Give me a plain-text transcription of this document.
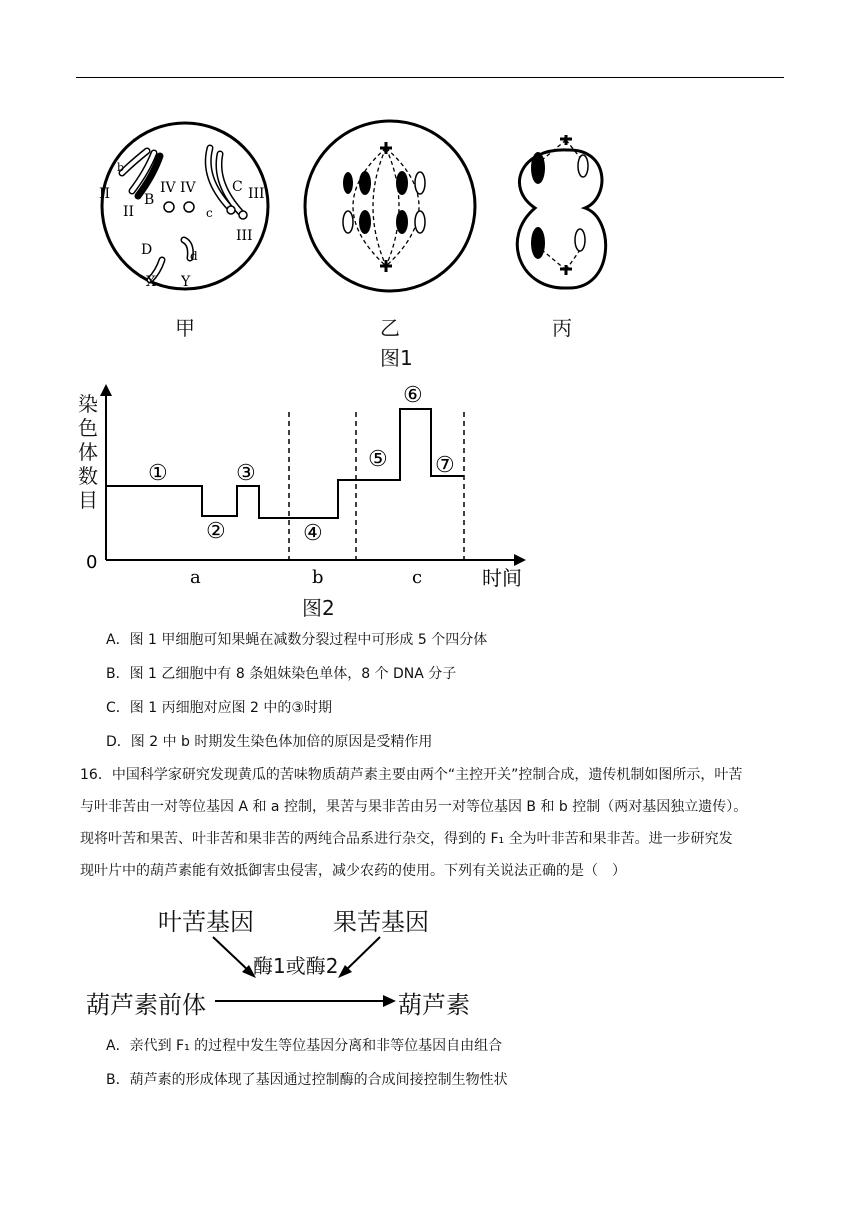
b
II B
II
IV IV	C III
c
III
D	d
X Y
甲	乙	丙
图1
①
②
③
④
⑤
⑥
⑦
0
a	b	c	时间
染色体数目
图2
A．图 1 甲细胞可知果蝇在减数分裂过程中可形成 5 个四分体
B．图 1 乙细胞中有 8 条姐妹染色单体，8 个 DNA 分子
C．图 1 丙细胞对应图 2 中的③时期
D．图 2 中 b 时期发生染色体加倍的原因是受精作用
16．中国科学家研究发现黄瓜的苦味物质葫芦素主要由两个“主控开关”控制合成，遗传机制如图所示，叶苦
与叶非苦由一对等位基因 A 和 a 控制，果苦与果非苦由另一对等位基因 B 和 b 控制（两对基因独立遗传）。
现将叶苦和果苦、叶非苦和果非苦的两纯合品系进行杂交，得到的 F₁ 全为叶非苦和果非苦。进一步研究发
现叶片中的葫芦素能有效抵御害虫侵害，减少农药的使用。下列有关说法正确的是（　）
叶苦基因	果苦基因
酶1或酶2
葫芦素前体	葫芦素
A．亲代到 F₁ 的过程中发生等位基因分离和非等位基因自由组合
B．葫芦素的形成体现了基因通过控制酶的合成间接控制生物性状
